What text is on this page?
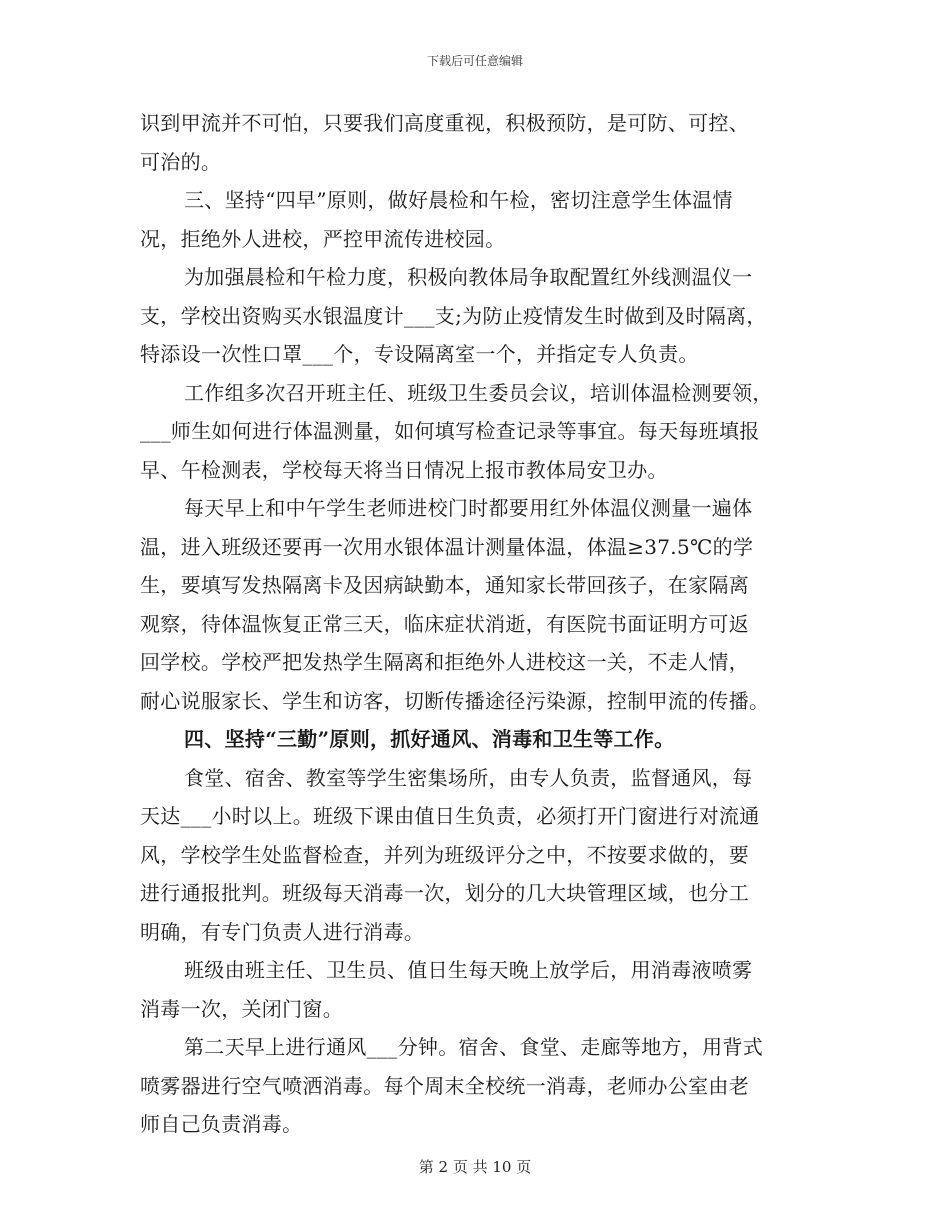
下载后可任意编辑
识到甲流并不可怕，只要我们高度重视，积极预防，是可防、可控、
可治的。
三、坚持“四早”原则，做好晨检和午检，密切注意学生体温情
况，拒绝外人进校，严控甲流传进校园。
为加强晨检和午检力度，积极向教体局争取配置红外线测温仪一
支，学校出资购买水银温度计___支;为防止疫情发生时做到及时隔离，
特添设一次性口罩___个，专设隔离室一个，并指定专人负责。
工作组多次召开班主任、班级卫生委员会议，培训体温检测要领，
___师生如何进行体温测量，如何填写检查记录等事宜。每天每班填报
早、午检测表，学校每天将当日情况上报市教体局安卫办。
每天早上和中午学生老师进校门时都要用红外体温仪测量一遍体
温，进入班级还要再一次用水银体温计测量体温，体温≥37.5℃的学
生，要填写发热隔离卡及因病缺勤本，通知家长带回孩子，在家隔离
观察，待体温恢复正常三天，临床症状消逝，有医院书面证明方可返
回学校。学校严把发热学生隔离和拒绝外人进校这一关，不走人情，
耐心说服家长、学生和访客，切断传播途径污染源，控制甲流的传播。
四、坚持“三勤”原则，抓好通风、消毒和卫生等工作。
食堂、宿舍、教室等学生密集场所，由专人负责，监督通风，每
天达___小时以上。班级下课由值日生负责，必须打开门窗进行对流通
风，学校学生处监督检查，并列为班级评分之中，不按要求做的，要
进行通报批判。班级每天消毒一次，划分的几大块管理区域，也分工
明确，有专门负责人进行消毒。
班级由班主任、卫生员、值日生每天晚上放学后，用消毒液喷雾
消毒一次，关闭门窗。
第二天早上进行通风___分钟。宿舍、食堂、走廊等地方，用背式
喷雾器进行空气喷洒消毒。每个周末全校统一消毒，老师办公室由老
师自己负责消毒。
第 2 页 共 10 页
